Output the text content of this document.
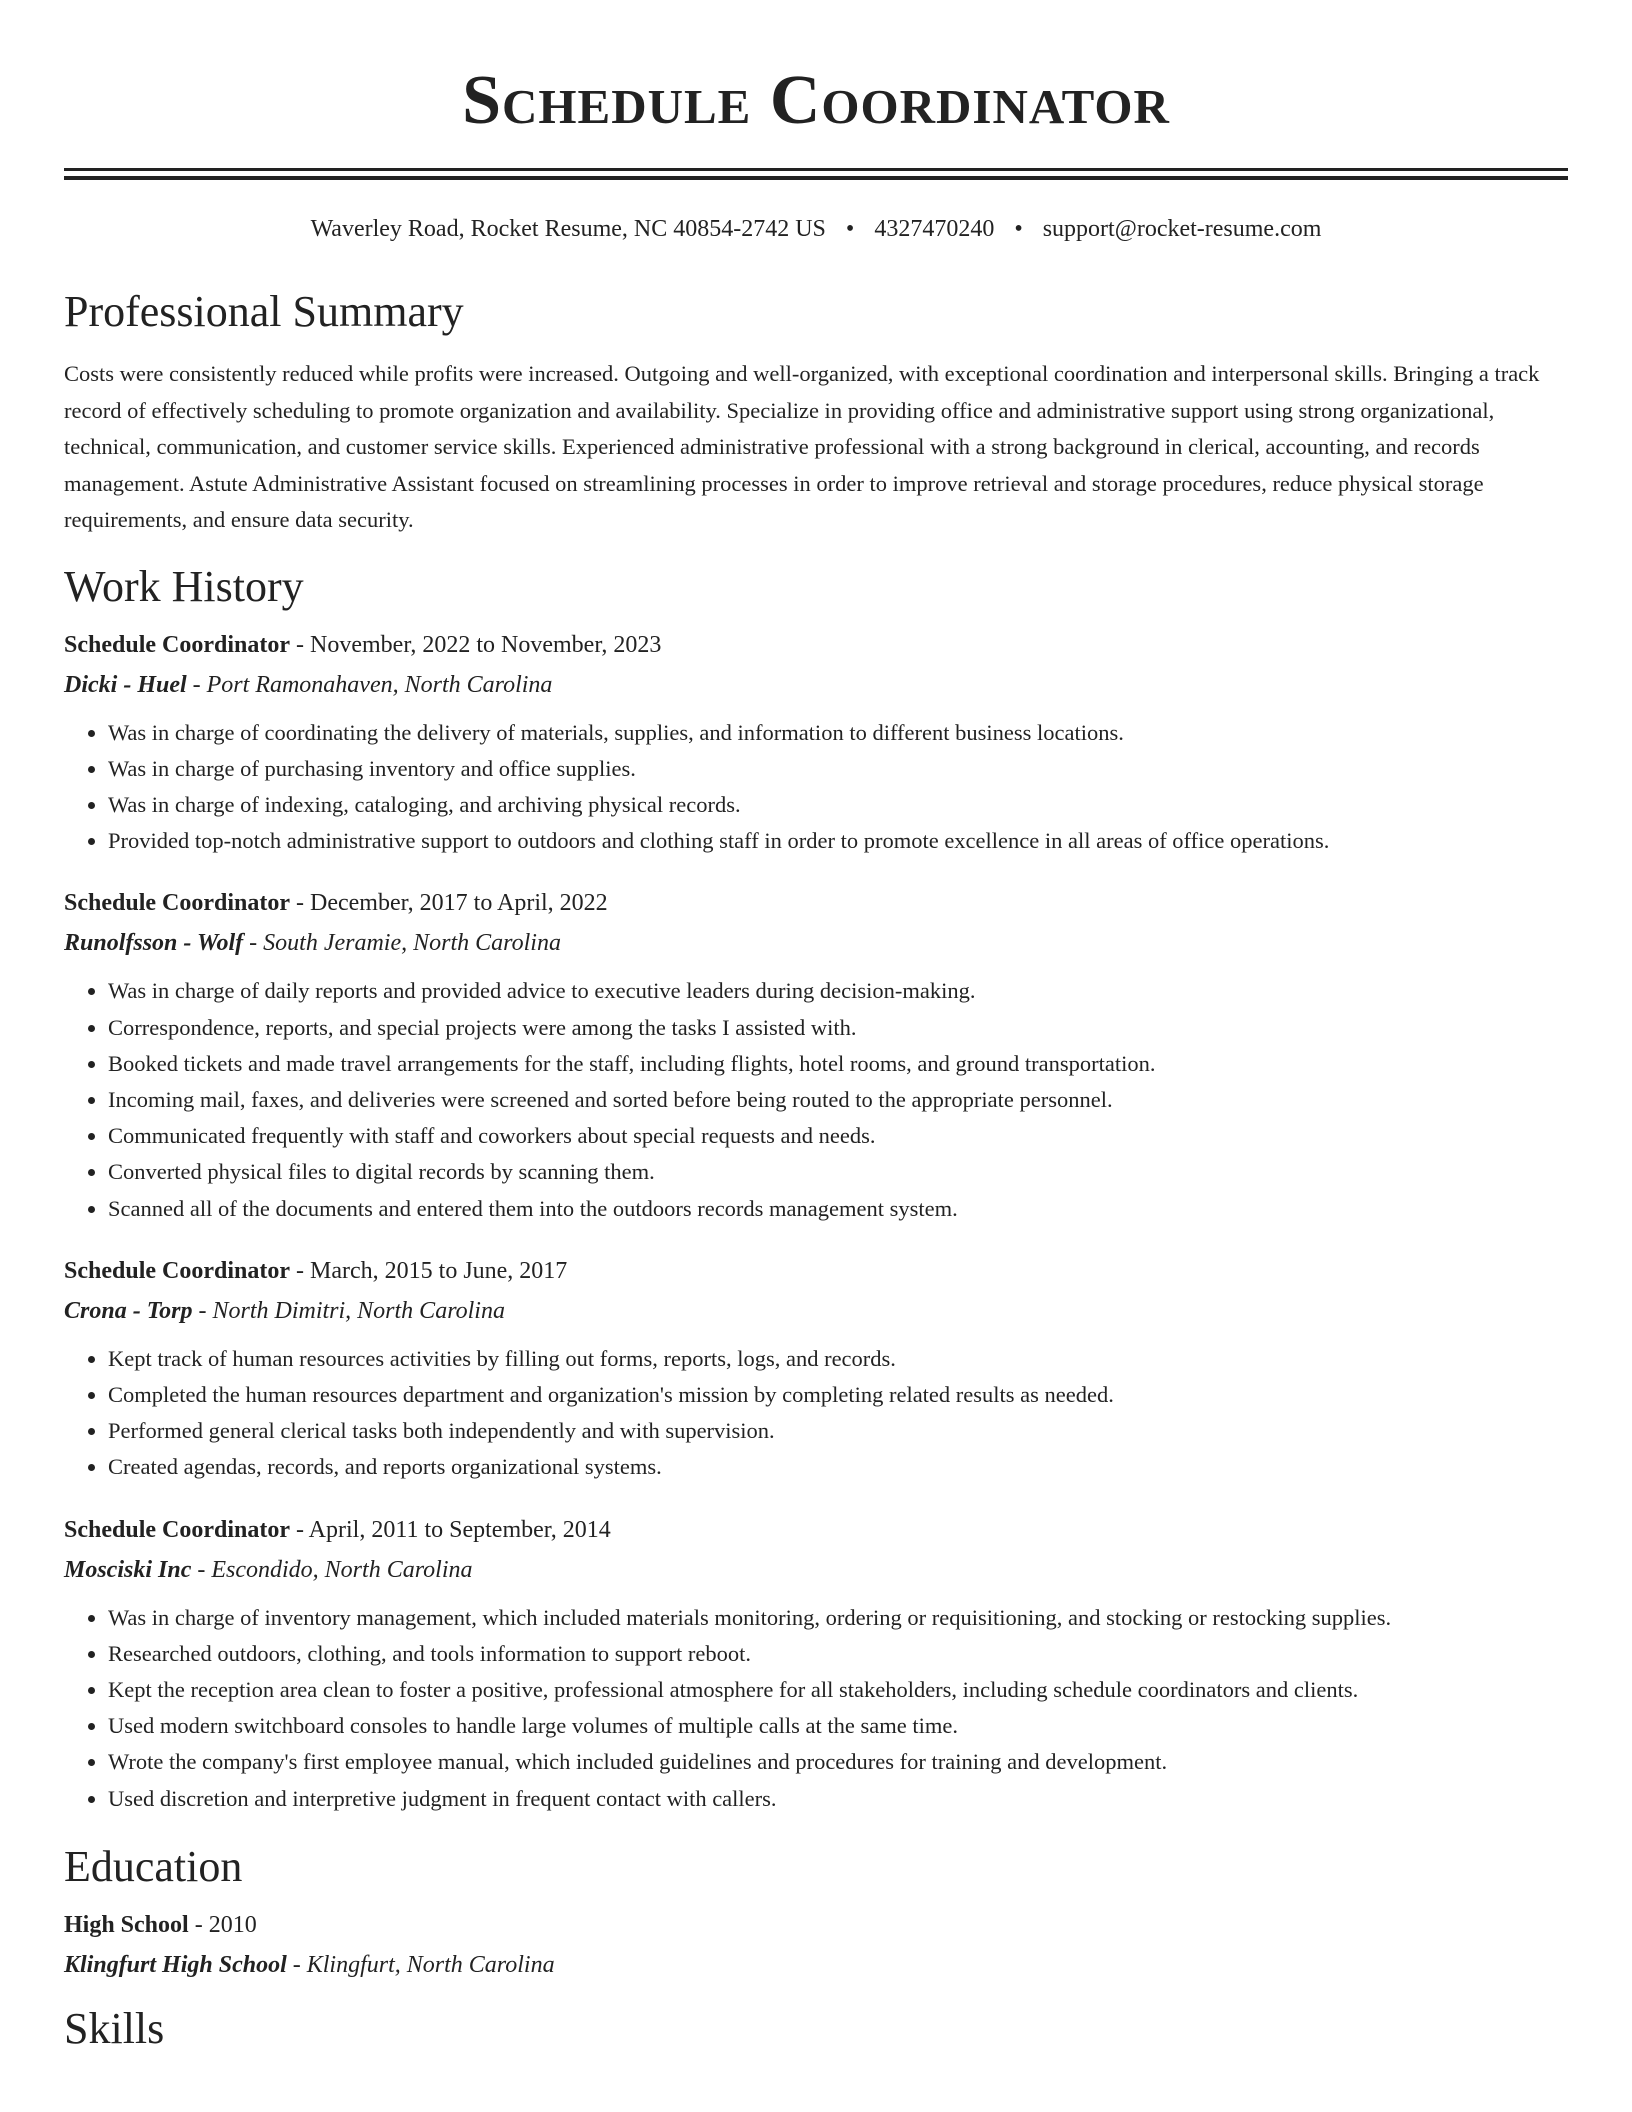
Schedule Coordinator
Waverley Road, Rocket Resume, NC 40854-2742 US • 4327470240 • support@rocket-resume.com
Professional Summary

Costs were consistently reduced while profits were increased. Outgoing and well-organized, with exceptional coordination and interpersonal skills. Bringing a track record of effectively scheduling to promote organization and availability. Specialize in providing office and administrative support using strong organizational, technical, communication, and customer service skills. Experienced administrative professional with a strong background in clerical, accounting, and records management. Astute Administrative Assistant focused on streamlining processes in order to improve retrieval and storage procedures, reduce physical storage requirements, and ensure data security.

Work History
Schedule Coordinator - November, 2022 to November, 2023
Dicki - Huel - Port Ramonahaven, North Carolina
• Was in charge of coordinating the delivery of materials, supplies, and information to different business locations.
• Was in charge of purchasing inventory and office supplies.
• Was in charge of indexing, cataloging, and archiving physical records.
• Provided top-notch administrative support to outdoors and clothing staff in order to promote excellence in all areas of office operations.
Schedule Coordinator - December, 2017 to April, 2022
Runolfsson - Wolf - South Jeramie, North Carolina
• Was in charge of daily reports and provided advice to executive leaders during decision-making.
• Correspondence, reports, and special projects were among the tasks I assisted with.
• Booked tickets and made travel arrangements for the staff, including flights, hotel rooms, and ground transportation.
• Incoming mail, faxes, and deliveries were screened and sorted before being routed to the appropriate personnel.
• Communicated frequently with staff and coworkers about special requests and needs.
• Converted physical files to digital records by scanning them.
• Scanned all of the documents and entered them into the outdoors records management system.
Schedule Coordinator - March, 2015 to June, 2017
Crona - Torp - North Dimitri, North Carolina
• Kept track of human resources activities by filling out forms, reports, logs, and records.
• Completed the human resources department and organization's mission by completing related results as needed.
• Performed general clerical tasks both independently and with supervision.
• Created agendas, records, and reports organizational systems.
Schedule Coordinator - April, 2011 to September, 2014
Mosciski Inc - Escondido, North Carolina
• Was in charge of inventory management, which included materials monitoring, ordering or requisitioning, and stocking or restocking supplies.
• Researched outdoors, clothing, and tools information to support reboot.
• Kept the reception area clean to foster a positive, professional atmosphere for all stakeholders, including schedule coordinators and clients.
• Used modern switchboard consoles to handle large volumes of multiple calls at the same time.
• Wrote the company's first employee manual, which included guidelines and procedures for training and development.
• Used discretion and interpretive judgment in frequent contact with callers.
Education
High School - 2010
Klingfurt High School - Klingfurt, North Carolina
Skills
